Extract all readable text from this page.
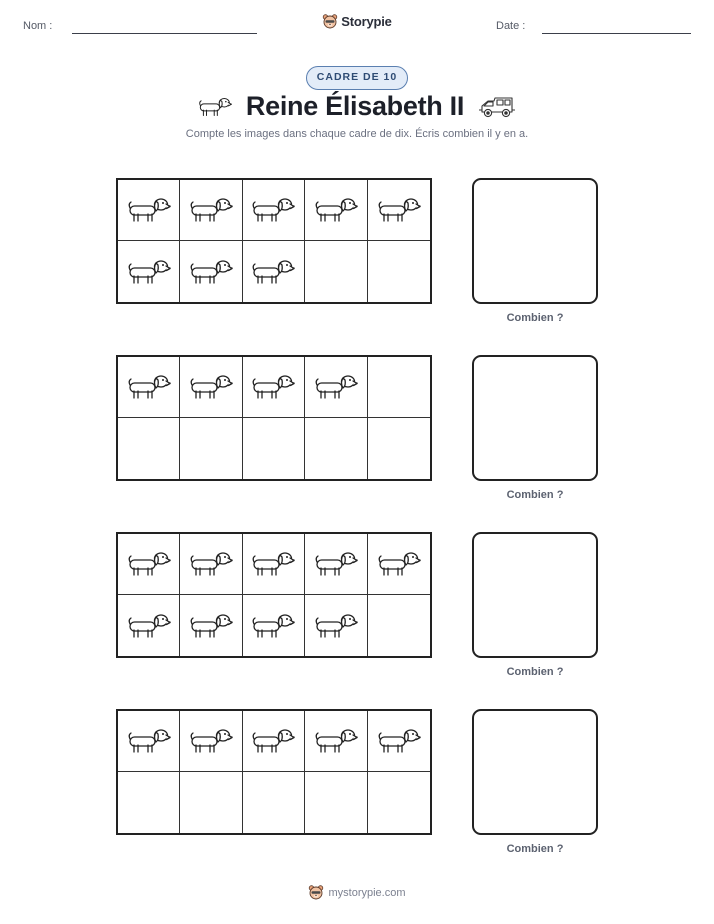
Nom :	Storypie	Date :
CADRE DE 10
Reine Élisabeth II
Compte les images dans chaque cadre de dix. Écris combien il y en a.
Combien ?
Combien ?
Combien ?
Combien ?
mystorypie.com
